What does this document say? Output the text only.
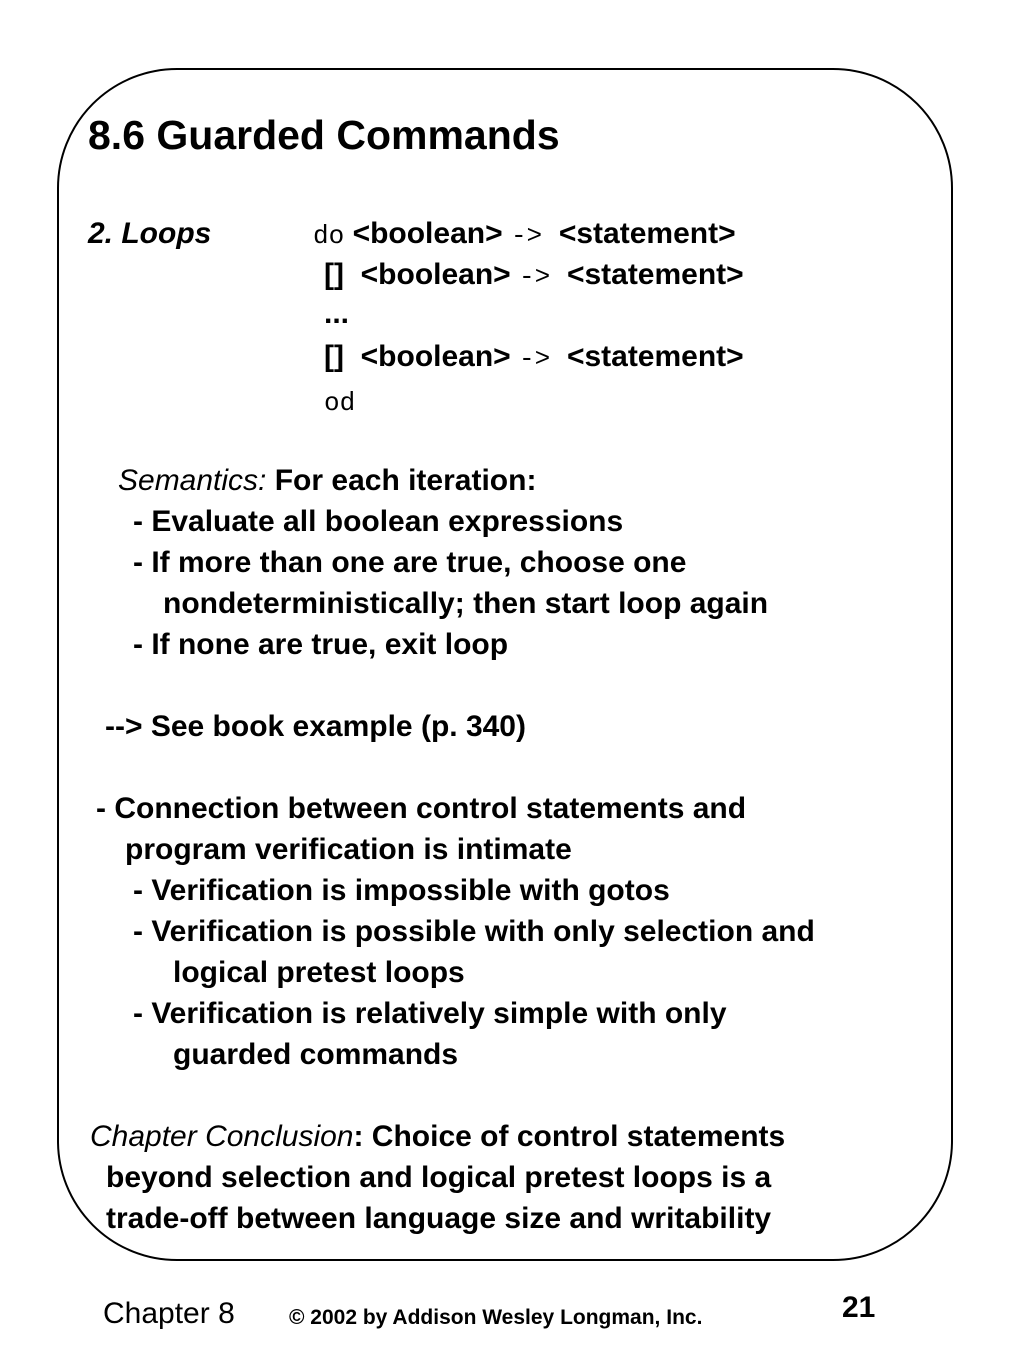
8.6 Guarded Commands
2. Loops	do <boolean> -> <statement>
[] <boolean> -> <statement>
...
[] <boolean> -> <statement>
od
Semantics: For each iteration:
- Evaluate all boolean expressions
- If more than one are true, choose one
nondeterministically; then start loop again
- If none are true, exit loop
--> See book example (p. 340)
- Connection between control statements and
program verification is intimate
- Verification is impossible with gotos
- Verification is possible with only selection and
logical pretest loops
- Verification is relatively simple with only
guarded commands
Chapter Conclusion: Choice of control statements
beyond selection and logical pretest loops is a
trade-off between language size and writability
Chapter 8	© 2002 by Addison Wesley Longman, Inc.	21
